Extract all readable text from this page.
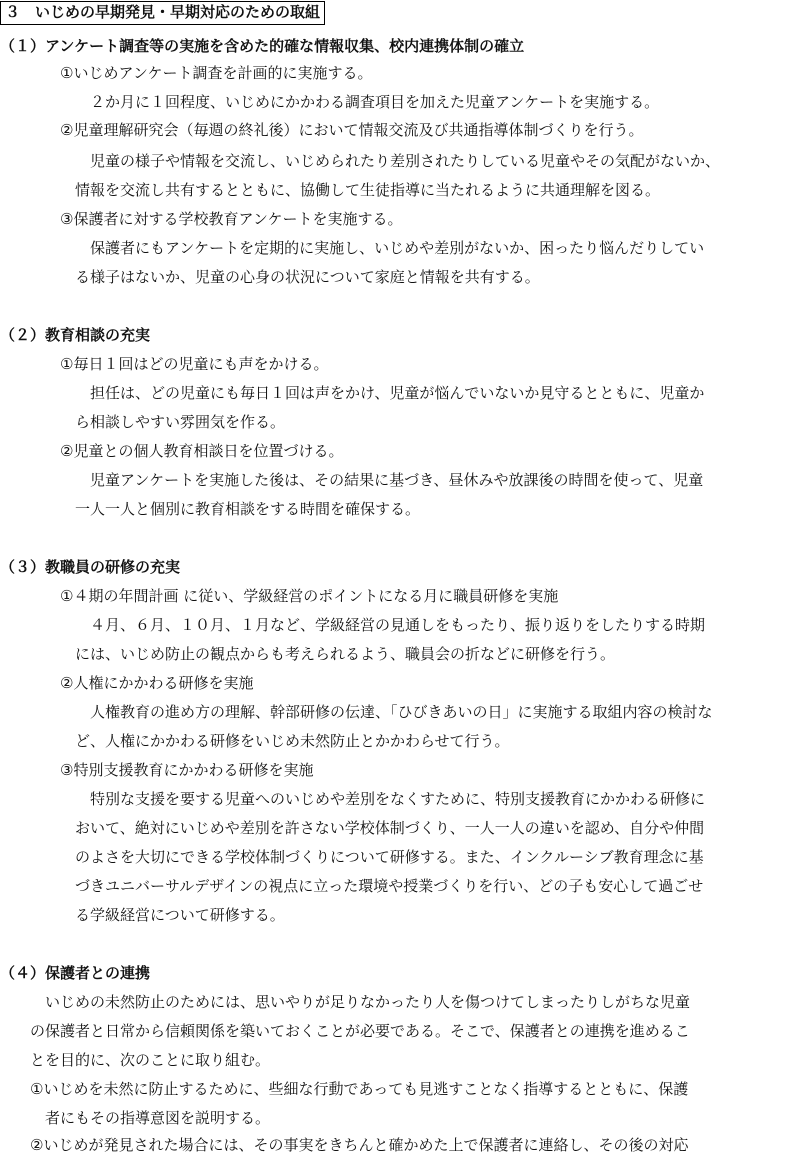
３　いじめの早期発見・早期対応のための取組
（１）アンケート調査等の実施を含めた的確な情報収集、校内連携体制の確立
①いじめアンケート調査を計画的に実施する。
２か月に１回程度、いじめにかかわる調査項目を加えた児童アンケートを実施する。
②児童理解研究会（毎週の終礼後）において情報交流及び共通指導体制づくりを行う。
児童の様子や情報を交流し、いじめられたり差別されたりしている児童やその気配がないか、
情報を交流し共有するとともに、協働して生徒指導に当たれるように共通理解を図る。
③保護者に対する学校教育アンケートを実施する。
保護者にもアンケートを定期的に実施し、いじめや差別がないか、困ったり悩んだりしてい
る様子はないか、児童の心身の状況について家庭と情報を共有する。
（２）教育相談の充実
①毎日１回はどの児童にも声をかける。
担任は、どの児童にも毎日１回は声をかけ、児童が悩んでいないか見守るとともに、児童か
ら相談しやすい雰囲気を作る。
②児童との個人教育相談日を位置づける。
児童アンケートを実施した後は、その結果に基づき、昼休みや放課後の時間を使って、児童
一人一人と個別に教育相談をする時間を確保する。
（３）教職員の研修の充実
①４期の年間計画 に従い、学級経営のポイントになる月に職員研修を実施
４月、６月、１０月、１月など、学級経営の見通しをもったり、振り返りをしたりする時期
には、いじめ防止の観点からも考えられるよう、職員会の折などに研修を行う。
②人権にかかわる研修を実施
人権教育の進め方の理解、幹部研修の伝達、「ひびきあいの日」に実施する取組内容の検討な
ど、人権にかかわる研修をいじめ未然防止とかかわらせて行う。
③特別支援教育にかかわる研修を実施
特別な支援を要する児童へのいじめや差別をなくすために、特別支援教育にかかわる研修に
おいて、絶対にいじめや差別を許さない学校体制づくり、一人一人の違いを認め、自分や仲間
のよさを大切にできる学校体制づくりについて研修する。また、インクルーシブ教育理念に基
づきユニバーサルデザインの視点に立った環境や授業づくりを行い、どの子も安心して過ごせ
る学級経営について研修する。
（４）保護者との連携
いじめの未然防止のためには、思いやりが足りなかったり人を傷つけてしまったりしがちな児童
の保護者と日常から信頼関係を築いておくことが必要である。そこで、保護者との連携を進めるこ
とを目的に、次のことに取り組む。
①いじめを未然に防止するために、些細な行動であっても見逃すことなく指導するとともに、保護
者にもその指導意図を説明する。
②いじめが発見された場合には、その事実をきちんと確かめた上で保護者に連絡し、その後の対応
